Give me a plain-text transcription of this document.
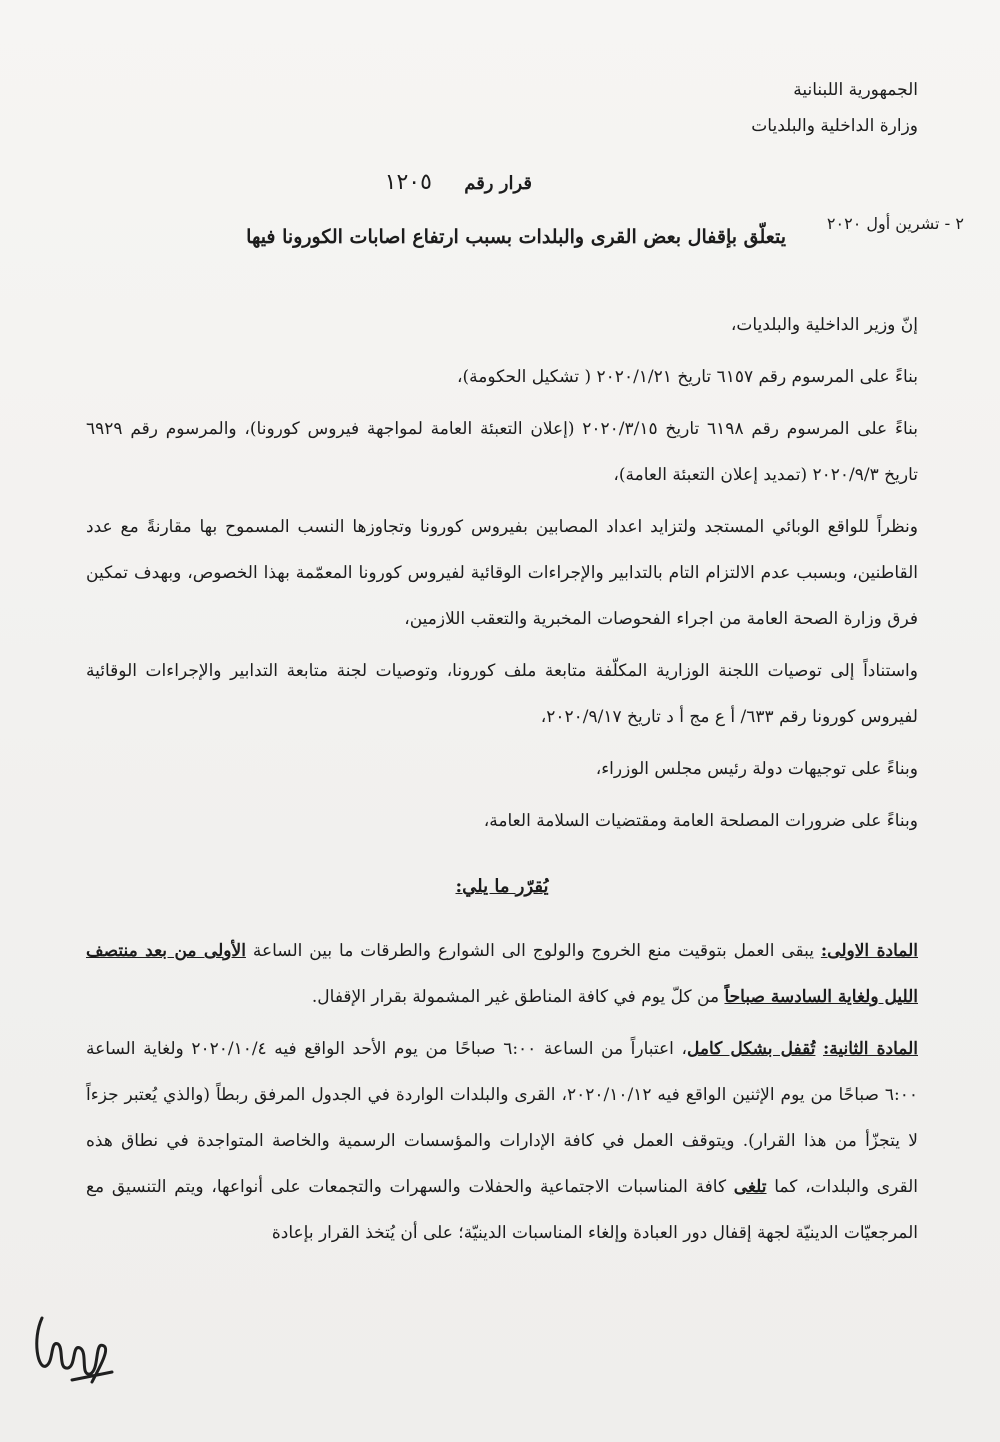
الجمهورية اللبنانية
وزارة الداخلية والبلديات
قرار رقم ١٢٠٥
٢ - تشرين أول ٢٠٢٠
يتعلّق بإقفال بعض القرى والبلدات بسبب ارتفاع اصابات الكورونا فيها

إنّ وزير الداخلية والبلديات،

بناءً على المرسوم رقم ٦١٥٧ تاريخ ٢٠٢٠/١/٢١ ( تشكيل الحكومة)،

بناءً على المرسوم رقم ٦١٩٨ تاريخ ٢٠٢٠/٣/١٥ (إعلان التعبئة العامة لمواجهة فيروس كورونا)، والمرسوم رقم ٦٩٢٩ تاريخ ٢٠٢٠/٩/٣ (تمديد إعلان التعبئة العامة)،

ونظراً للواقع الوبائي المستجد ولتزايد اعداد المصابين بفيروس كورونا وتجاوزها النسب المسموح بها مقارنةً مع عدد القاطنين، وبسبب عدم الالتزام التام بالتدابير والإجراءات الوقائية لفيروس كورونا المعمّمة بهذا الخصوص، وبهدف تمكين فرق وزارة الصحة العامة من اجراء الفحوصات المخبرية والتعقب اللازمين،

واستناداً إلى توصيات اللجنة الوزارية المكلّفة متابعة ملف كورونا، وتوصيات لجنة متابعة التدابير والإجراءات الوقائية لفيروس كورونا رقم ٦٣٣/ أ ع مج أ د تاريخ ٢٠٢٠/٩/١٧،

وبناءً على توجيهات دولة رئيس مجلس الوزراء،

وبناءً على ضرورات المصلحة العامة ومقتضيات السلامة العامة،

يُقرّر ما يلي:

المادة الاولى: يبقى العمل بتوقيت منع الخروج والولوج الى الشوارع والطرقات ما بين الساعة الأولى من بعد منتصف الليل ولغاية السادسة صباحاً من كلّ يوم في كافة المناطق غير المشمولة بقرار الإقفال.

المادة الثانية: تُقفل بشكل كامل، اعتباراً من الساعة ٦:٠٠ صباحًا من يوم الأحد الواقع فيه ٢٠٢٠/١٠/٤ ولغاية الساعة ٦:٠٠ صباحًا من يوم الإثنين الواقع فيه ٢٠٢٠/١٠/١٢، القرى والبلدات الواردة في الجدول المرفق ربطاً (والذي يُعتبر جزءاً لا يتجزّأ من هذا القرار). ويتوقف العمل في كافة الإدارات والمؤسسات الرسمية والخاصة المتواجدة في نطاق هذه القرى والبلدات، كما تلغى كافة المناسبات الاجتماعية والحفلات والسهرات والتجمعات على أنواعها، ويتم التنسيق مع المرجعيّات الدينيّة لجهة إقفال دور العبادة وإلغاء المناسبات الدينيّة؛ على أن يُتخذ القرار بإعادة
